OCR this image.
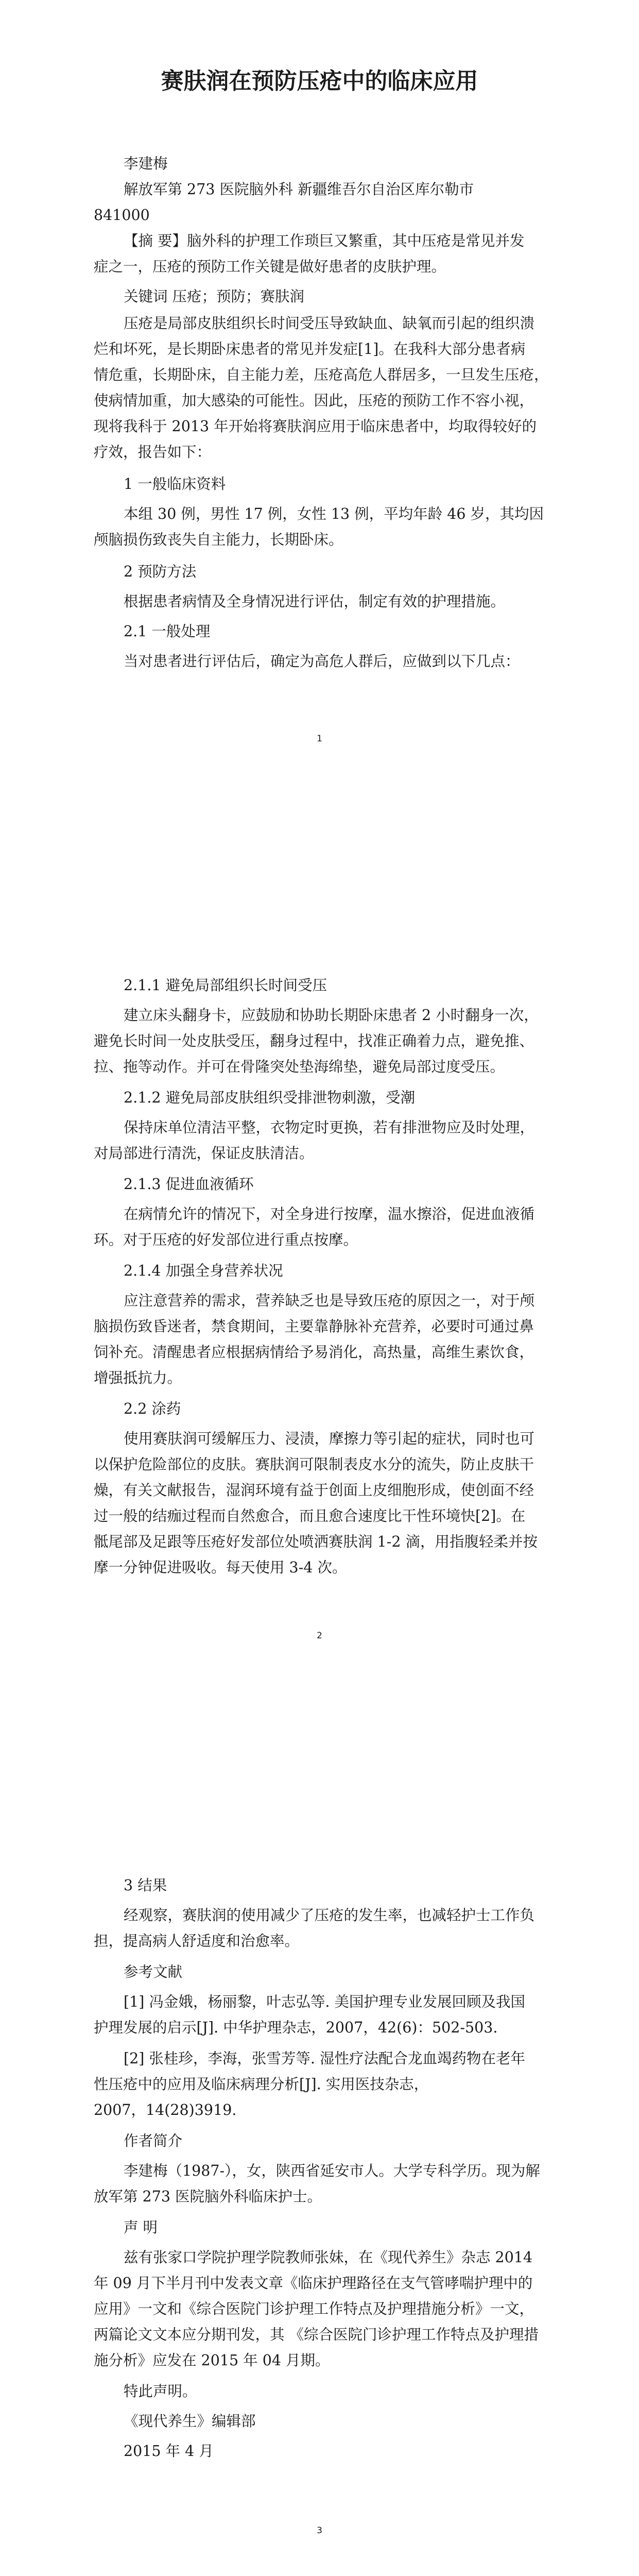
赛肤润在预防压疮中的临床应用

李建梅

解放军第 273 医院脑外科 新疆维吾尔自治区库尔勒市

841000

【摘 要】脑外科的护理工作琐巨又繁重，其中压疮是常见并发

症之一，压疮的预防工作关键是做好患者的皮肤护理。

关键词 压疮；预防；赛肤润

压疮是局部皮肤组织长时间受压导致缺血、缺氧而引起的组织溃

烂和坏死，是长期卧床患者的常见并发症[1]。在我科大部分患者病

情危重，长期卧床，自主能力差，压疮高危人群居多，一旦发生压疮，

使病情加重，加大感染的可能性。因此，压疮的预防工作不容小视，

现将我科于 2013 年开始将赛肤润应用于临床患者中，均取得较好的

疗效，报告如下：

1 一般临床资料

本组 30 例，男性 17 例，女性 13 例，平均年龄 46 岁，其均因

颅脑损伤致丧失自主能力，长期卧床。

2 预防方法

根据患者病情及全身情况进行评估，制定有效的护理措施。

2.1 一般处理

当对患者进行评估后，确定为高危人群后，应做到以下几点：

1

2.1.1 避免局部组织长时间受压

建立床头翻身卡，应鼓励和协助长期卧床患者 2 小时翻身一次，

避免长时间一处皮肤受压，翻身过程中，找准正确着力点，避免推、

拉、拖等动作。并可在骨隆突处垫海绵垫，避免局部过度受压。

2.1.2 避免局部皮肤组织受排泄物刺激，受潮

保持床单位清洁平整，衣物定时更换，若有排泄物应及时处理，

对局部进行清洗，保证皮肤清洁。

2.1.3 促进血液循环

在病情允许的情况下，对全身进行按摩，温水擦浴，促进血液循

环。对于压疮的好发部位进行重点按摩。

2.1.4 加强全身营养状况

应注意营养的需求，营养缺乏也是导致压疮的原因之一，对于颅

脑损伤致昏迷者，禁食期间，主要靠静脉补充营养，必要时可通过鼻

饲补充。清醒患者应根据病情给予易消化，高热量，高维生素饮食，

增强抵抗力。

2.2 涂药

使用赛肤润可缓解压力、浸渍，摩擦力等引起的症状，同时也可

以保护危险部位的皮肤。赛肤润可限制表皮水分的流失，防止皮肤干

燥，有关文献报告，湿润环境有益于创面上皮细胞形成，使创面不经

过一般的结痂过程而自然愈合，而且愈合速度比干性环境快[2]。在

骶尾部及足跟等压疮好发部位处喷洒赛肤润 1-2 滴，用指腹轻柔并按

摩一分钟促进吸收。每天使用 3-4 次。

2

3 结果

经观察，赛肤润的使用减少了压疮的发生率，也减轻护士工作负

担，提高病人舒适度和治愈率。

参考文献

[1] 冯金娥，杨丽黎，叶志弘等. 美国护理专业发展回顾及我国

护理发展的启示[J]. 中华护理杂志，2007，42(6)：502-503.

[2] 张桂珍，李海，张雪芳等. 湿性疗法配合龙血竭药物在老年

性压疮中的应用及临床病理分析[J]. 实用医技杂志，

2007，14(28)3919.

作者简介

李建梅（1987-），女，陕西省延安市人。大学专科学历。现为解

放军第 273 医院脑外科临床护士。

声 明

兹有张家口学院护理学院教师张妹，在《现代养生》杂志 2014

年 09 月下半月刊中发表文章《临床护理路径在支气管哮喘护理中的

应用》一文和《综合医院门诊护理工作特点及护理措施分析》一文，

两篇论文文本应分期刊发，其 《综合医院门诊护理工作特点及护理措

施分析》应发在 2015 年 04 月期。

特此声明。

《现代养生》编辑部

2015 年 4 月

3
